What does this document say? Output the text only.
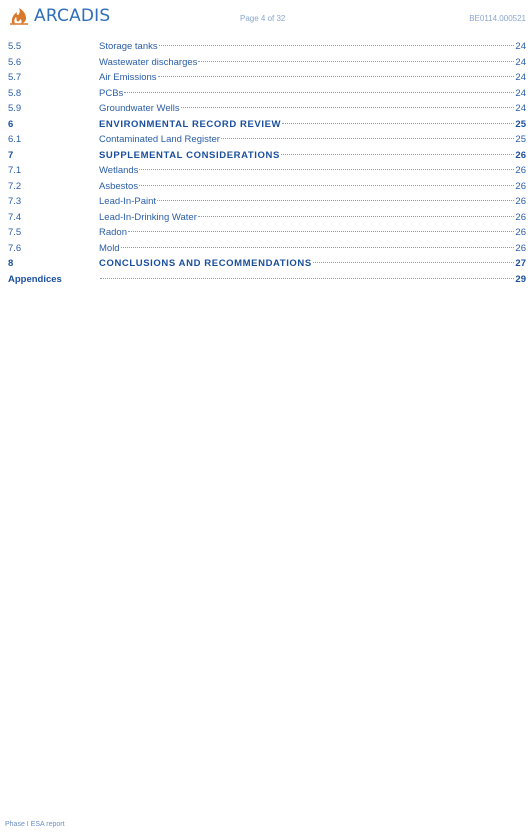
ARCADIS	Page 4 of 32	BE0114.000521
5.5	Storage tanks	24
5.6	Wastewater discharges	24
5.7	Air Emissions	24
5.8	PCBs	24
5.9	Groundwater Wells	24
6	ENVIRONMENTAL RECORD REVIEW	25
6.1	Contaminated Land Register	25
7	SUPPLEMENTAL CONSIDERATIONS	26
7.1	Wetlands	26
7.2	Asbestos	26
7.3	Lead-In-Paint	26
7.4	Lead-In-Drinking Water	26
7.5	Radon	26
7.6	Mold	26
8	CONCLUSIONS AND RECOMMENDATIONS	27
Appendices	29
Phase I ESA report
